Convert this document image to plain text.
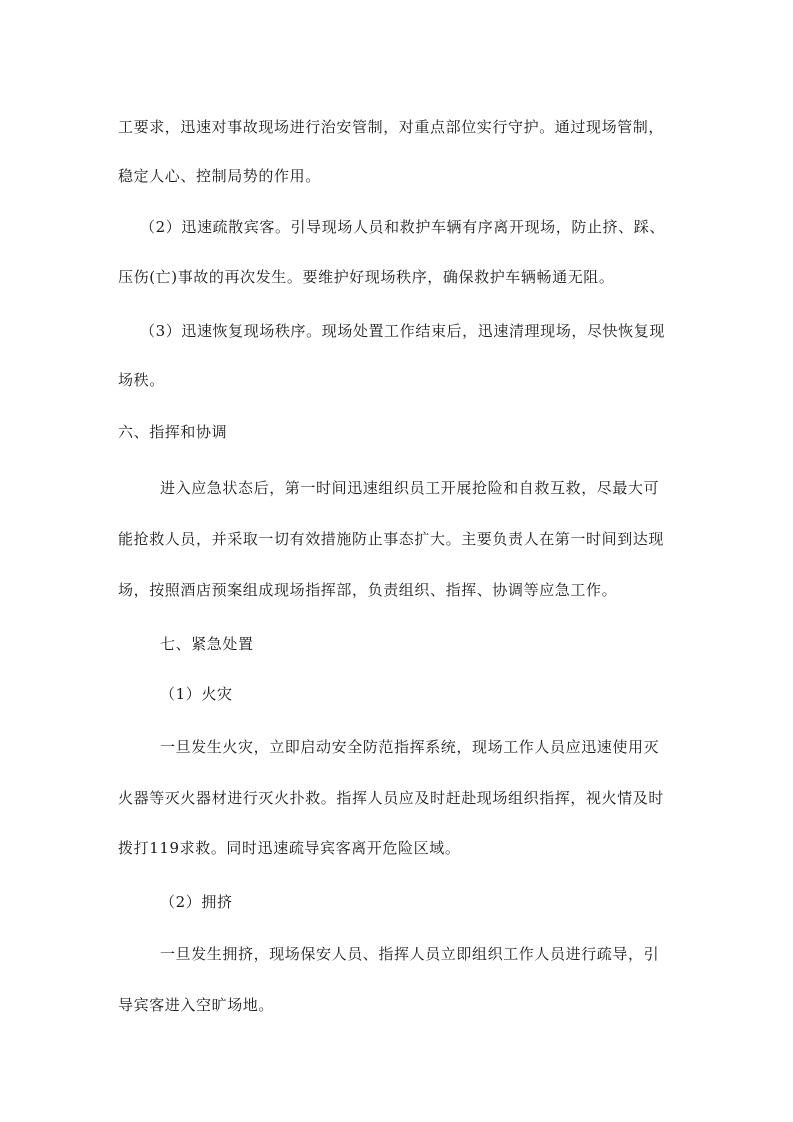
工要求，迅速对事故现场进行治安管制，对重点部位实行守护。通过现场管制，
稳定人心、控制局势的作用。
（2）迅速疏散宾客。引导现场人员和救护车辆有序离开现场，防止挤、踩、
压伤(亡)事故的再次发生。要维护好现场秩序，确保救护车辆畅通无阻。
（3）迅速恢复现场秩序。现场处置工作结束后，迅速清理现场，尽快恢复现
场秩。
六、指挥和协调
进入应急状态后，第一时间迅速组织员工开展抢险和自救互救，尽最大可
能抢救人员，并采取一切有效措施防止事态扩大。主要负责人在第一时间到达现
场，按照酒店预案组成现场指挥部，负责组织、指挥、协调等应急工作。
七、紧急处置
（1）火灾
一旦发生火灾，立即启动安全防范指挥系统，现场工作人员应迅速使用灭
火器等灭火器材进行灭火扑救。指挥人员应及时赶赴现场组织指挥，视火情及时
拨打119求救。同时迅速疏导宾客离开危险区域。
（2）拥挤
一旦发生拥挤，现场保安人员、指挥人员立即组织工作人员进行疏导，引
导宾客进入空旷场地。
